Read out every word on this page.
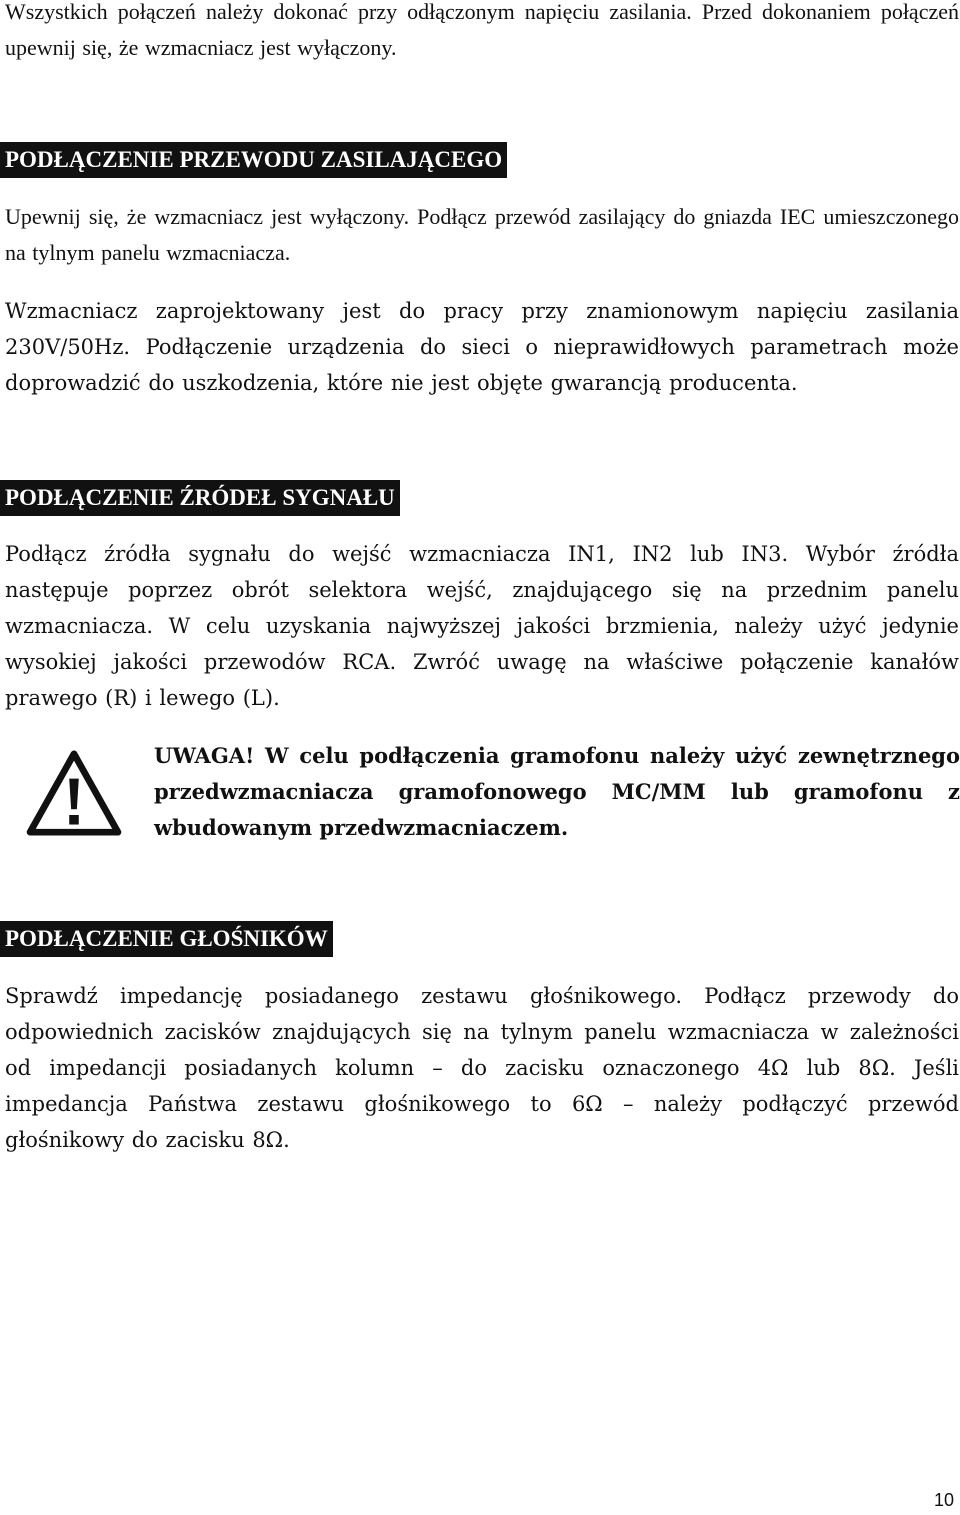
Wszystkich połączeń należy dokonać przy odłączonym napięciu zasilania. Przed dokonaniem połączeń upewnij się, że wzmacniacz jest wyłączony.

PODŁĄCZENIE PRZEWODU ZASILAJĄCEGO

Upewnij się, że wzmacniacz jest wyłączony. Podłącz przewód zasilający do gniazda IEC umieszczonego na tylnym panelu wzmacniacza.

Wzmacniacz zaprojektowany jest do pracy przy znamionowym napięciu zasilania 230V/50Hz. Podłączenie urządzenia do sieci o nieprawidłowych parametrach może doprowadzić do uszkodzenia, które nie jest objęte gwarancją producenta.

PODŁĄCZENIE ŹRÓDEŁ SYGNAŁU

Podłącz źródła sygnału do wejść wzmacniacza IN1, IN2 lub IN3. Wybór źródła następuje poprzez obrót selektora wejść, znajdującego się na przednim panelu wzmacniacza. W celu uzyskania najwyższej jakości brzmienia, należy użyć jedynie wysokiej jakości przewodów RCA. Zwróć uwagę na właściwe połączenie kanałów prawego (R) i lewego (L).

UWAGA! W celu podłączenia gramofonu należy użyć zewnętrznego przedwzmacniacza gramofonowego MC/MM lub gramofonu z wbudowanym przedwzmacniaczem.

PODŁĄCZENIE GŁOŚNIKÓW

Sprawdź impedancję posiadanego zestawu głośnikowego. Podłącz przewody do odpowiednich zacisków znajdujących się na tylnym panelu wzmacniacza w zależności od impedancji posiadanych kolumn – do zacisku oznaczonego 4Ω lub 8Ω. Jeśli impedancja Państwa zestawu głośnikowego to 6Ω – należy podłączyć przewód głośnikowy do zacisku 8Ω.

10
